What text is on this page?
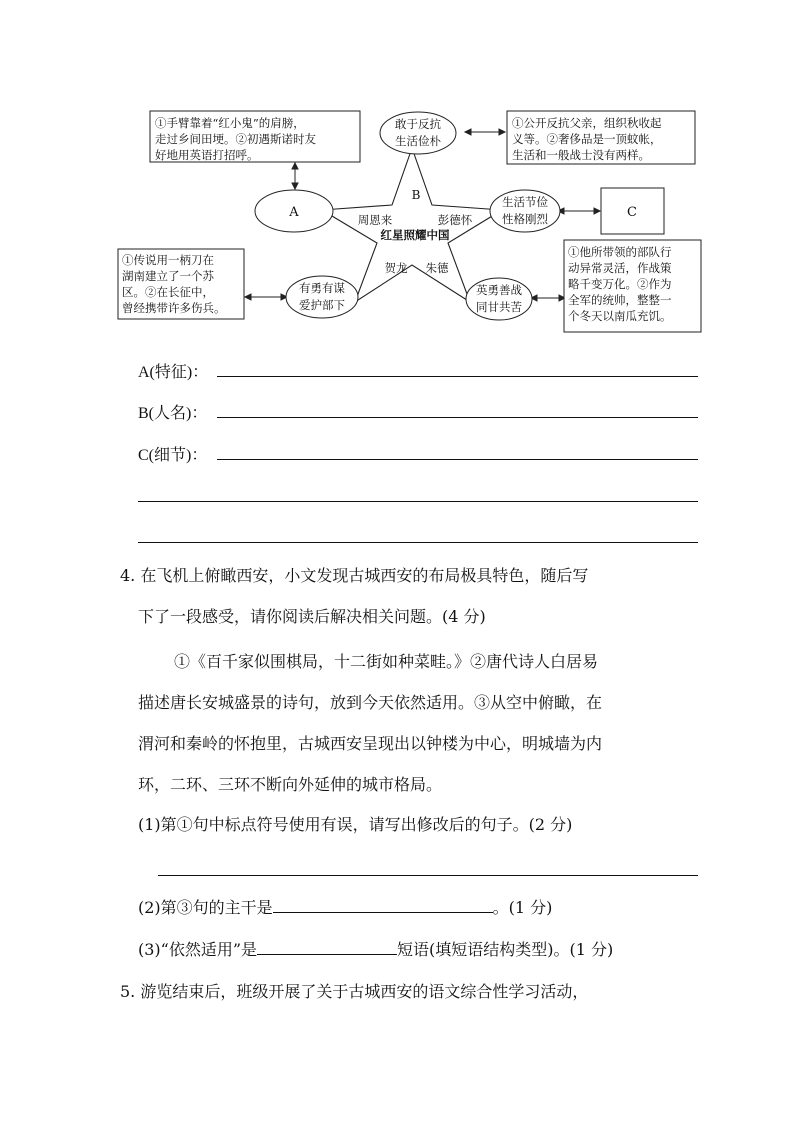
A
敢于反抗
生活俭朴
生活节俭
性格刚烈
有勇有谋
爱护部下
英勇善战
同甘共苦
B
周恩来	彭德怀
红星照耀中国
贺龙 朱德
C
①手臂靠着“红小鬼”的肩膀，
走过乡间田埂。②初遇斯诺时友
好地用英语打招呼。
①公开反抗父亲，组织秋收起
义等。②奢侈品是一顶蚊帐，
生活和一般战士没有两样。
①传说用一柄刀在
湖南建立了一个苏
区。②在长征中，
曾经携带许多伤兵。
①他所带领的部队行
动异常灵活，作战策
略千变万化。②作为
全军的统帅，整整一
个冬天以南瓜充饥。
A(特征)：
B(人名)：
C(细节)：
4. 在飞机上俯瞰西安，小文发现古城西安的布局极具特色，随后写
下了一段感受，请你阅读后解决相关问题。(4 分)
①《百千家似围棋局，十二街如种菜畦。》②唐代诗人白居易
描述唐长安城盛景的诗句，放到今天依然适用。③从空中俯瞰，在
渭河和秦岭的怀抱里，古城西安呈现出以钟楼为中心，明城墙为内
环，二环、三环不断向外延伸的城市格局。
(1)第①句中标点符号使用有误，请写出修改后的句子。(2 分)
(2)第③句的主干是	。(1 分)
(3)“依然适用”是	短语(填短语结构类型)。(1 分)
5. 游览结束后，班级开展了关于古城西安的语文综合性学习活动，
